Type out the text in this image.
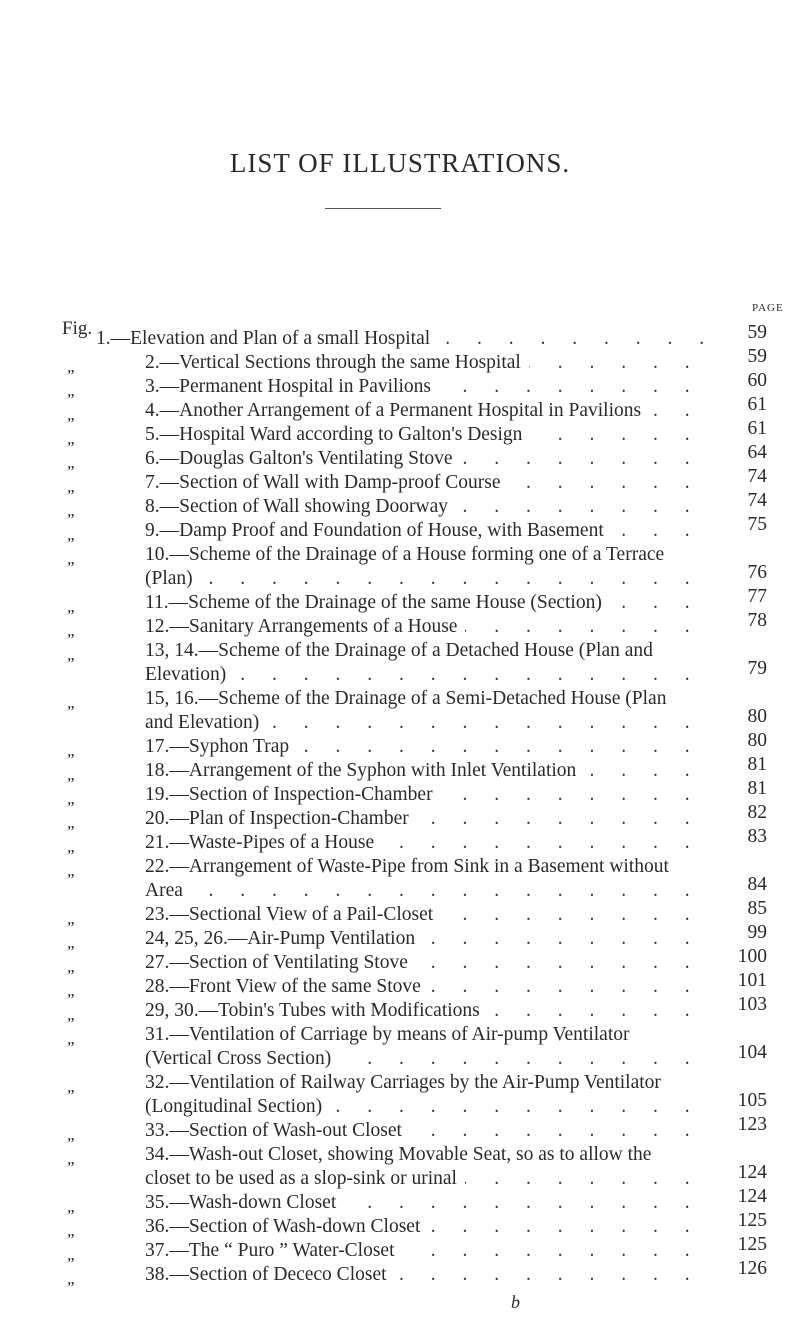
LIST OF ILLUSTRATIONS.
PAGE
Fig. . . . 1.—Elevation and Plan of a small Hospital	59
„ . . .	2.—Vertical Sections through the same Hospital	59
„ . . .	3.—Permanent Hospital in Pavilions	60
„ . . .	4.—Another Arrangement of a Permanent Hospital in Pavilions	61
„ . . .	5.—Hospital Ward according to Galton's Design	61
„ . . .	6.—Douglas Galton's Ventilating Stove	64
„ . . .	7.—Section of Wall with Damp-proof Course	74
„ . . .	8.—Section of Wall showing Doorway	74
„ . . .	9.—Damp Proof and Foundation of House, with Basement	75
„	10.—Scheme of the Drainage of a House forming one of a Terrace
. . .
(Plan)	76
„ . . .	11.—Scheme of the Drainage of the same House (Section)	77
„ . . .	12.—Sanitary Arrangements of a House	78
„	13, 14.—Scheme of the Drainage of a Detached House (Plan and
. . .
Elevation)	79
„	15, 16.—Scheme of the Drainage of a Semi-Detached House (Plan
. . .
and Elevation)	80
„ . . .	17.—Syphon Trap	80
„ . . .	18.—Arrangement of the Syphon with Inlet Ventilation	81
„ . . .	19.—Section of Inspection-Chamber	81
„ . . .	20.—Plan of Inspection-Chamber	82
„ . . .	21.—Waste-Pipes of a House	83
„	22.—Arrangement of Waste-Pipe from Sink in a Basement without
. . .
Area	84
„ . . .	23.—Sectional View of a Pail-Closet	85
„ . . .	24, 25, 26.—Air-Pump Ventilation	99
„ . . .	27.—Section of Ventilating Stove	100
„ . . .	28.—Front View of the same Stove	101
„ . . .	29, 30.—Tobin's Tubes with Modifications	103
„	31.—Ventilation of Carriage by means of Air-pump Ventilator
. . .
(Vertical Cross Section)	104
„	32.—Ventilation of Railway Carriages by the Air-Pump Ventilator
. . .
(Longitudinal Section)	105
„ . . .	33.—Section of Wash-out Closet	123
„	34.—Wash-out Closet, showing Movable Seat, so as to allow the
. . .
closet to be used as a slop-sink or urinal	124
„ . . .	35.—Wash-down Closet	124
„ . . .	36.—Section of Wash-down Closet	125
„ . . .	37.—The “ Puro ” Water-Closet	125
„ . . .	38.—Section of Dececo Closet	126
b
